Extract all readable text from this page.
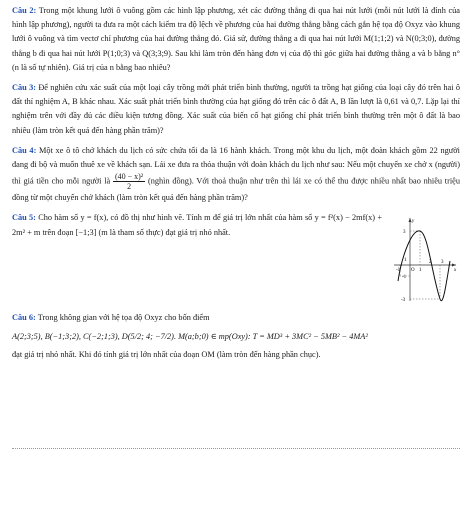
Câu 2: Trong một khung lưới ô vuông gồm các hình lập phương, xét các đường thẳng đi qua hai nút lưới (mỗi nút lưới là đỉnh của hình lập phương), người ta đưa ra một cách kiểm tra độ lệch về phương của hai đường thẳng bằng cách gắn hệ tọa độ Oxyz vào khung lưới ô vuông và tìm vectơ chỉ phương của hai đường thẳng đó. Giả sử, đường thẳng a đi qua hai nút lưới M(1;1;2) và N(0;3;0), đường thẳng b đi qua hai nút lưới P(1;0;3) và Q(3;3;9). Sau khi làm tròn đến hàng đơn vị của độ thì góc giữa hai đường thẳng a và b bằng n° (n là số tự nhiên). Giá trị của n bằng bao nhiêu?

Câu 3: Để nghiên cứu xác suất của một loại cây trồng mới phát triển bình thường, người ta trồng hạt giống của loại cây đó trên hai ô đất thí nghiệm A, B khác nhau. Xác suất phát triển bình thường của hạt giống đó trên các ô đất A, B lần lượt là 0,61 và 0,7. Lặp lại thí nghiệm trên với đầy đủ các điều kiện tương đồng. Xác suất của biến cố hạt giống chỉ phát triển bình thường trên một ô đất là bao nhiêu (làm tròn kết quả đến hàng phần trăm)?

Câu 4: Một xe ô tô chở khách du lịch có sức chứa tối đa là 16 hành khách. Trong một khu du lịch, một đoàn khách gồm 22 người đang đi bộ và muốn thuê xe về khách sạn. Lái xe đưa ra thỏa thuận với đoàn khách du lịch như sau: Nếu một chuyến xe chở x (người) thì giá tiền cho mỗi người là $\frac{\text{(40 − x)²}}{2}$ (nghìn đồng). Với thoả thuận như trên thì lái xe có thể thu được nhiều nhất bao nhiêu triệu đồng từ một chuyến chở khách (làm tròn kết quả đến hàng phần trăm)?

Câu 5: Cho hàm số y = f(x), có đồ thị như hình vẽ. Tính m để giá trị lớn nhất của hàm số y = f²(x) − 2mf(x) + 2m² + m trên đoạn [−1;3] (m là tham số thực) đạt giá trị nhỏ nhất.	3
1
-1
-3
-1	1
2 3
O	x
y

Câu 6: Trong không gian với hệ tọa độ Oxyz cho bốn điểm

A(2;3;5), B(−1;3;2), C(−2;1;3), D(5/2; 4; −7/2). M(a;b;0) ∈ mp(Oxy): T = MD³ + 3MC² − 5MB² − 4MA²

đạt giá trị nhỏ nhất. Khi đó tính giá trị lớn nhất của đoạn OM (làm tròn đến hàng phần chục).
